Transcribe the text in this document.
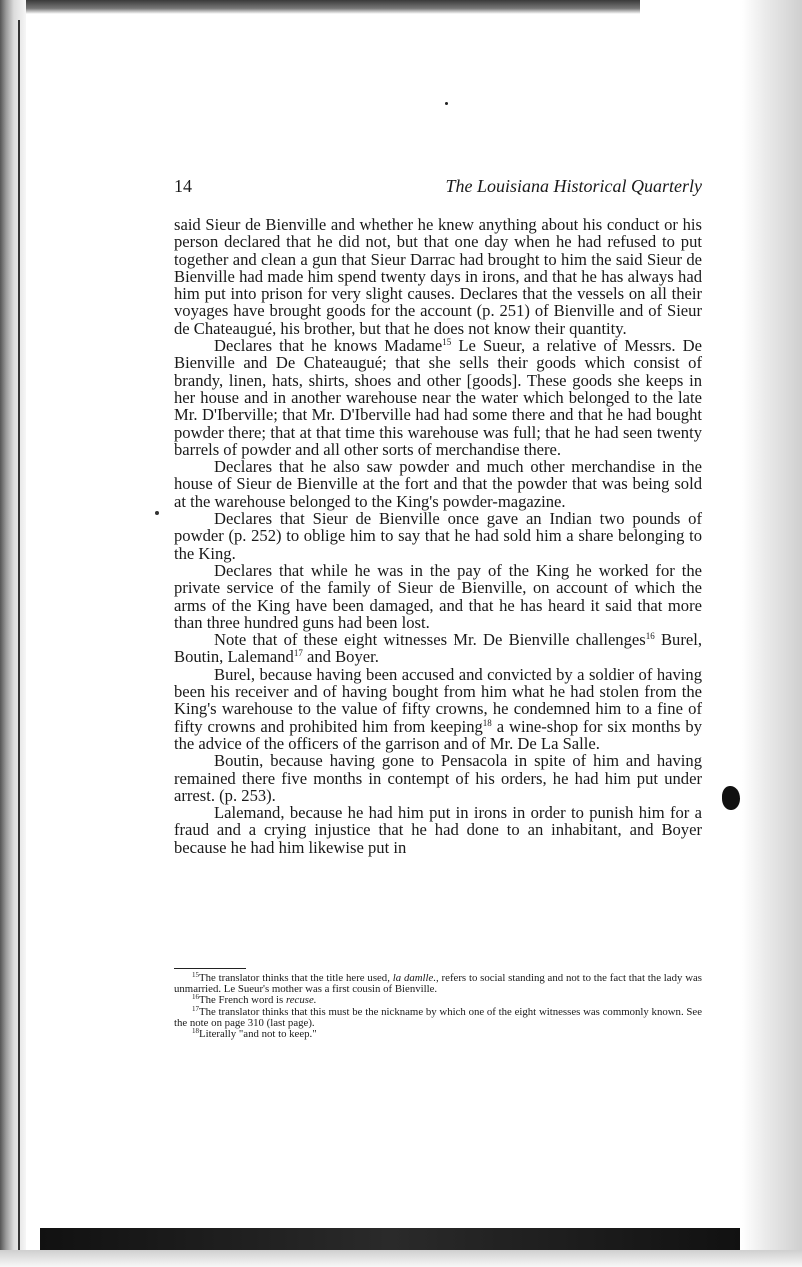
14	The Louisiana Historical Quarterly

said Sieur de Bienville and whether he knew anything about his conduct or his person declared that he did not, but that one day when he had refused to put together and clean a gun that Sieur Darrac had brought to him the said Sieur de Bienville had made him spend twenty days in irons, and that he has always had him put into prison for very slight causes. Declares that the vessels on all their voyages have brought goods for the account (p. 251) of Bienville and of Sieur de Chateaugué, his brother, but that he does not know their quantity.

Declares that he knows Madame$^{15}$ Le Sueur, a relative of Messrs. De Bienville and De Chateaugué; that she sells their goods which consist of brandy, linen, hats, shirts, shoes and other [goods]. These goods she keeps in her house and in another warehouse near the water which belonged to the late Mr. D'Iberville; that Mr. D'Iberville had had some there and that he had bought powder there; that at that time this warehouse was full; that he had seen twenty barrels of powder and all other sorts of merchandise there.

Declares that he also saw powder and much other merchandise in the house of Sieur de Bienville at the fort and that the powder that was being sold at the warehouse belonged to the King's powder-magazine.

Declares that Sieur de Bienville once gave an Indian two pounds of powder (p. 252) to oblige him to say that he had sold him a share belonging to the King.

Declares that while he was in the pay of the King he worked for the private service of the family of Sieur de Bienville, on account of which the arms of the King have been damaged, and that he has heard it said that more than three hundred guns had been lost.

Note that of these eight witnesses Mr. De Bienville challenges$^{16}$ Burel, Boutin, Lalemand$^{17}$ and Boyer.

Burel, because having been accused and convicted by a soldier of having been his receiver and of having bought from him what he had stolen from the King's warehouse to the value of fifty crowns, he condemned him to a fine of fifty crowns and prohibited him from keeping$^{18}$ a wine-shop for six months by the advice of the officers of the garrison and of Mr. De La Salle.

Boutin, because having gone to Pensacola in spite of him and having remained there five months in contempt of his orders, he had him put under arrest. (p. 253).

Lalemand, because he had him put in irons in order to punish him for a fraud and a crying injustice that he had done to an inhabitant, and Boyer because he had him likewise put in

$^{15}$The translator thinks that the title here used, la damlle., refers to social standing and not to the fact that the lady was unmarried. Le Sueur's mother was a first cousin of Bienville.

$^{16}$The French word is recuse.

$^{17}$The translator thinks that this must be the nickname by which one of the eight witnesses was commonly known. See the note on page 310 (last page).

$^{18}$Literally "and not to keep."
